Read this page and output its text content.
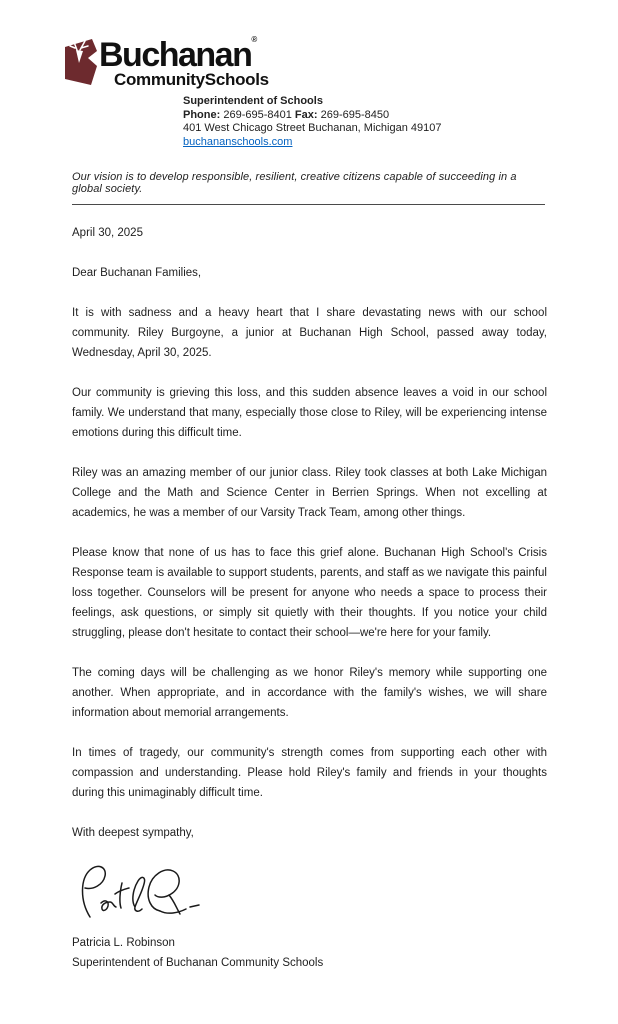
Buchanan®
CommunitySchools
Superintendent of Schools
Phone: 269-695-8401 Fax: 269-695-8450
401 West Chicago Street Buchanan, Michigan 49107
buchananschools.com
Our vision is to develop responsible, resilient, creative citizens capable of succeeding in a global society.
April 30, 2025
Dear Buchanan Families,

It is with sadness and a heavy heart that I share devastating news with our school community. Riley Burgoyne, a junior at Buchanan High School, passed away today, Wednesday, April 30, 2025.

Our community is grieving this loss, and this sudden absence leaves a void in our school family. We understand that many, especially those close to Riley, will be experiencing intense emotions during this difficult time.

Riley was an amazing member of our junior class. Riley took classes at both Lake Michigan College and the Math and Science Center in Berrien Springs. When not excelling at academics, he was a member of our Varsity Track Team, among other things.

Please know that none of us has to face this grief alone. Buchanan High School's Crisis Response team is available to support students, parents, and staff as we navigate this painful loss together. Counselors will be present for anyone who needs a space to process their feelings, ask questions, or simply sit quietly with their thoughts. If you notice your child struggling, please don't hesitate to contact their school—we're here for your family.

The coming days will be challenging as we honor Riley's memory while supporting one another. When appropriate, and in accordance with the family's wishes, we will share information about memorial arrangements.

In times of tragedy, our community's strength comes from supporting each other with compassion and understanding. Please hold Riley's family and friends in your thoughts during this unimaginably difficult time.

With deepest sympathy,
Patricia L. Robinson
Superintendent of Buchanan Community Schools
